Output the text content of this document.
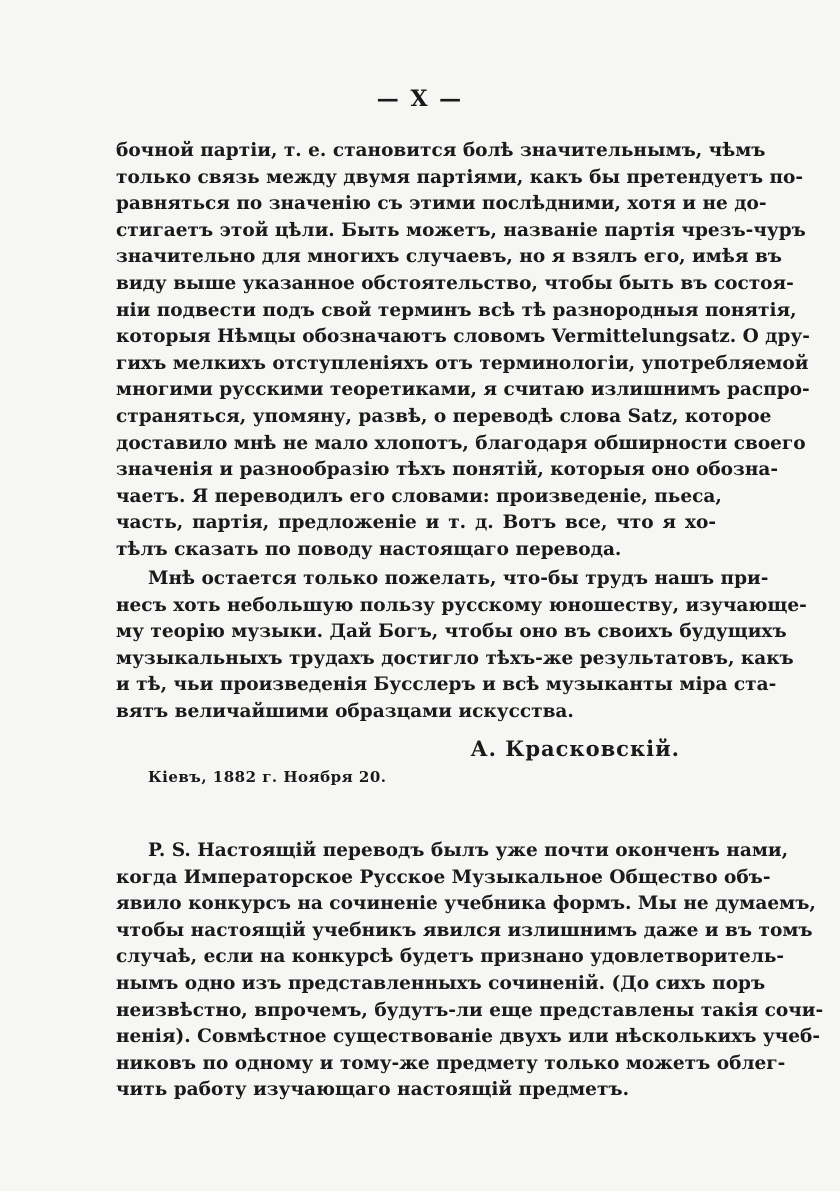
— X —
бочной партіи, т. е. становится болѣ значительнымъ, чѣмъ
только связь между двумя партіями, какъ бы претендуетъ по-
равняться по значенію съ этими послѣдними, хотя и не до-
стигаетъ этой цѣли. Быть можетъ, названіе партія чрезъ-чуръ
значительно для многихъ случаевъ, но я взялъ его, имѣя въ
виду выше указанное обстоятельство, чтобы быть въ состоя-
ніи подвести подъ свой терминъ всѣ тѣ разнородныя понятія,
которыя Нѣмцы обозначаютъ словомъ Vermittelungsatz. О дру-
гихъ мелкихъ отступленіяхъ отъ терминологіи, употребляемой
многими русскими теоретиками, я считаю излишнимъ распро-
страняться, упомяну, развѣ, о переводѣ слова Satz, которое
доставило мнѣ не мало хлопотъ, благодаря обширности своего
значенія и разнообразію тѣхъ понятій, которыя оно обозна-
чаетъ. Я переводилъ его словами: произведеніе, пьеса,
часть, партія, предложеніе и т. д. Вотъ все, что я хо-
тѣлъ сказать по поводу настоящаго перевода.
Мнѣ остается только пожелать, что-бы трудъ нашъ при-
несъ хоть небольшую пользу русскому юношеству, изучающе-
му теорію музыки. Дай Богъ, чтобы оно въ своихъ будущихъ
музыкальныхъ трудахъ достигло тѣхъ-же результатовъ, какъ
и тѣ, чьи произведенія Бусслеръ и всѣ музыканты міра ста-
вятъ величайшими образцами искусства.
А. Красковскій.
Кіевъ, 1882 г. Ноября 20.
P. S. Настоящій переводъ былъ уже почти оконченъ нами,
когда Императорское Русское Музыкальное Общество объ-
явило конкурсъ на сочиненіе учебника формъ. Мы не думаемъ,
чтобы настоящій учебникъ явился излишнимъ даже и въ томъ
случаѣ, если на конкурсѣ будетъ признано удовлетворитель-
нымъ одно изъ представленныхъ сочиненій. (До сихъ поръ
неизвѣстно, впрочемъ, будутъ-ли еще представлены такія сочи-
ненія). Совмѣстное существованіе двухъ или нѣсколькихъ учеб-
никовъ по одному и тому-же предмету только можетъ облег-
чить работу изучающаго настоящій предметъ.
